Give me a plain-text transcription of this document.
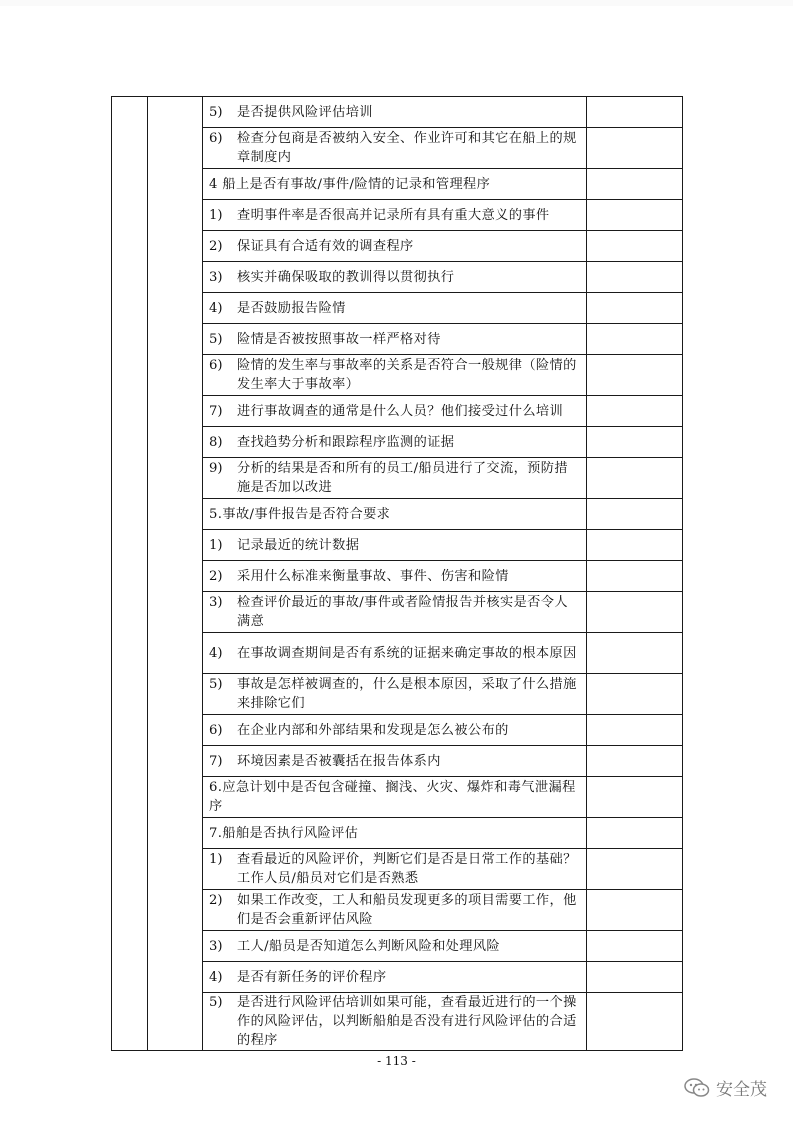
		5) 是否提供风险评估培训	

		6) 检查分包商是否被纳入安全、作业许可和其它在船上的规章制度内	

		4 船上是否有事故/事件/险情的记录和管理程序	

		1) 查明事件率是否很高并记录所有具有重大意义的事件	

		2) 保证具有合适有效的调查程序	

		3) 核实并确保吸取的教训得以贯彻执行	

		4) 是否鼓励报告险情	

		5) 险情是否被按照事故一样严格对待	

		6) 险情的发生率与事故率的关系是否符合一般规律（险情的发生率大于事故率）	

		7) 进行事故调查的通常是什么人员？他们接受过什么培训	

		8) 查找趋势分析和跟踪程序监测的证据	

		9) 分析的结果是否和所有的员工/船员进行了交流，预防措施是否加以改进	

		5.事故/事件报告是否符合要求	

		1) 记录最近的统计数据	

		2) 采用什么标准来衡量事故、事件、伤害和险情	

		3) 检查评价最近的事故/事件或者险情报告并核实是否令人满意	

		4) 在事故调查期间是否有系统的证据来确定事故的根本原因	

		5) 事故是怎样被调查的，什么是根本原因，采取了什么措施来排除它们	

		6) 在企业内部和外部结果和发现是怎么被公布的	

		7) 环境因素是否被囊括在报告体系内	

		6.应急计划中是否包含碰撞、搁浅、火灾、爆炸和毒气泄漏程序	

		7.船舶是否执行风险评估	

		1) 查看最近的风险评价，判断它们是否是日常工作的基础？工作人员/船员对它们是否熟悉	

		2) 如果工作改变，工人和船员发现更多的项目需要工作，他们是否会重新评估风险	

		3) 工人/船员是否知道怎么判断风险和处理风险	

		4) 是否有新任务的评价程序	

		5) 是否进行风险评估培训如果可能，查看最近进行的一个操作的风险评估，以判断船舶是否没有进行风险评估的合适的程序	

- 113 -
安全茂
